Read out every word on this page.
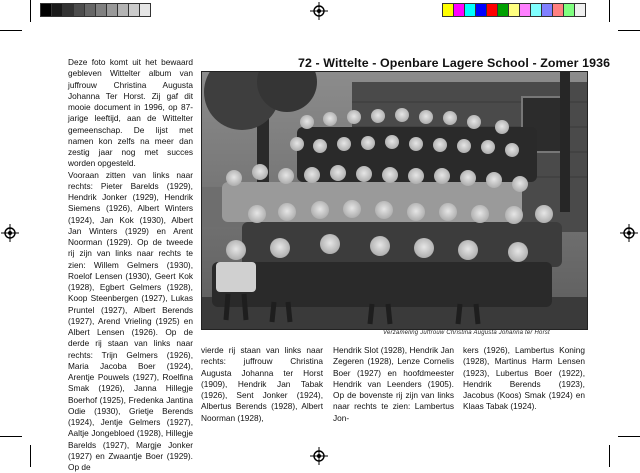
72 - Wittelte - Openbare Lagere School - Zomer 1936
Verzameling Juffrouw Christina Augusta Johanna ter Horst
Deze foto komt uit het bewaard gebleven Wittelter album van juffrouw Christina Augusta Johanna Ter Horst. Zij gaf dit mooie document in 1996, op 87-jarige leeftijd, aan de Wittelter gemeenschap. De lijst met namen kon zelfs na meer dan zestig jaar nog met succes worden opgesteld.
Vooraan zitten van links naar rechts: Pieter Barelds (1929), Hendrik Jonker (1929), Hendrik Siemens (1926), Albert Winters (1924), Jan Kok (1930), Albert Jan Winters (1929) en Arent Noorman (1929). Op de tweede rij zijn van links naar rechts te zien: Willem Gelmers (1930), Roelof Lensen (1930), Geert Kok (1928), Egbert Gelmers (1928), Koop Steenbergen (1927), Lukas Pruntel (1927), Albert Berends (1927), Arend Vrieling (1925) en Albert Lensen (1926). Op de derde rij staan van links naar rechts: Trijn Gelmers (1926), Maria Jacoba Boer (1924), Arentje Pouwels (1927), Roelfina Smak (1926), Janna Hillegje Boerhof (1925), Fredenka Jantina Odie (1930), Grietje Berends (1924), Jentje Gelmers (1927), Aaltje Jongebloed (1928), Hillegje Barelds (1927), Margje Jonker (1927) en Zwaantje Boer (1929). Op de
vierde rij staan van links naar rechts: juffrouw Christina Augusta Johanna ter Horst (1909), Hendrik Jan Tabak (1926), Sent Jonker (1924), Albertus Berends (1928), Albert Noorman (1928),
Hendrik Slot (1928), Hendrik Jan Zegeren (1928), Lenze Cornelis Boer (1927) en hoofdmeester Hendrik van Leenders (1905). Op de bovenste rij zijn van links naar rechts te zien: Lambertus Jon-
kers (1926), Lambertus Koning (1928), Martinus Harm Lensen (1923), Lubertus Boer (1922), Hendrik Berends (1923), Jacobus (Koos) Smak (1924) en Klaas Tabak (1924).
